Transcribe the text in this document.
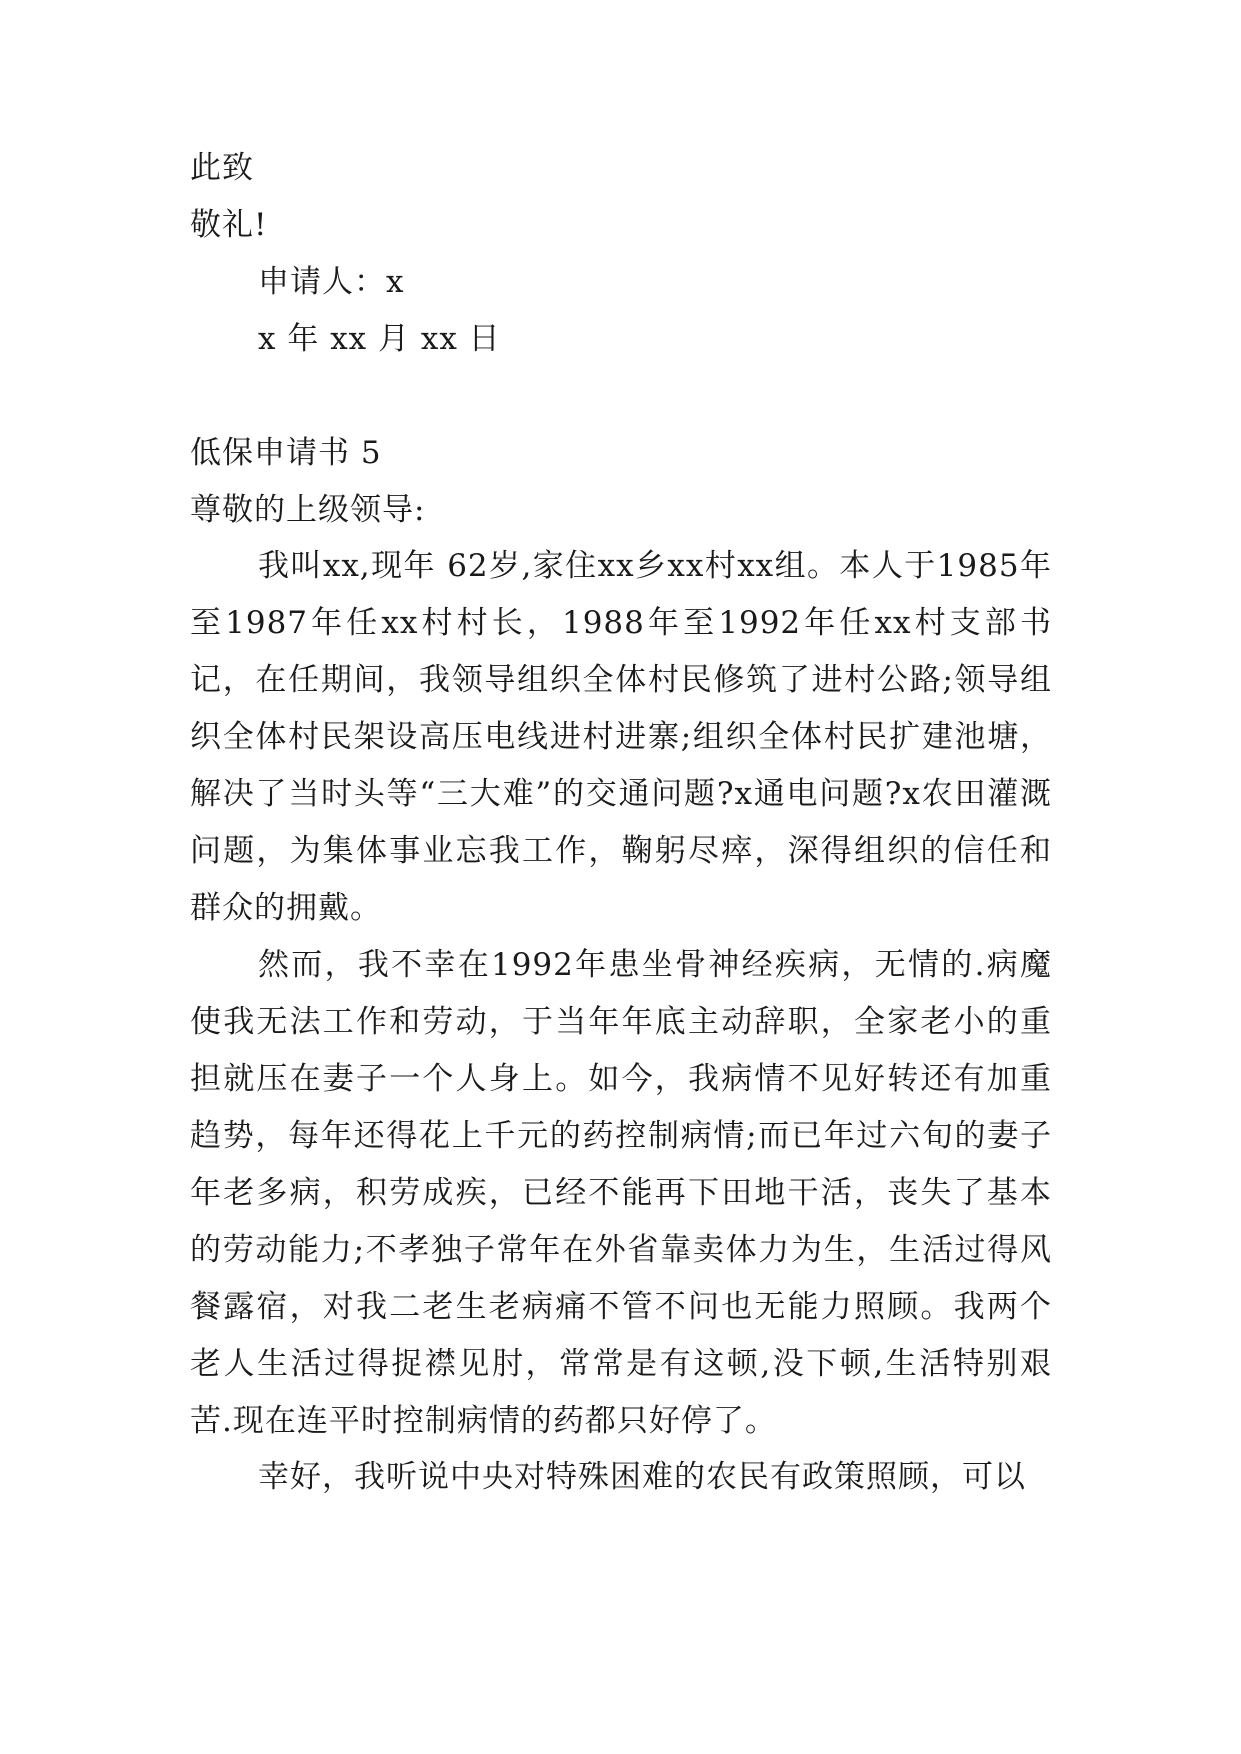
此致
敬礼!
申请人：x
x 年 xx 月 xx 日
低保申请书 5
尊敬的上级领导:

我叫xx,现年 62岁,家住xx乡xx村xx组。本人于1985年至1987年任xx村村长，1988年至1992年任xx村支部书记，在任期间，我领导组织全体村民修筑了进村公路;领导组织全体村民架设高压电线进村进寨;组织全体村民扩建池塘，解决了当时头等“三大难”的交通问题?x通电问题?x农田灌溉问题，为集体事业忘我工作，鞠躬尽瘁，深得组织的信任和群众的拥戴。

然而，我不幸在1992年患坐骨神经疾病，无情的.病魔使我无法工作和劳动，于当年年底主动辞职，全家老小的重担就压在妻子一个人身上。如今，我病情不见好转还有加重趋势，每年还得花上千元的药控制病情;而已年过六旬的妻子年老多病，积劳成疾，已经不能再下田地干活，丧失了基本的劳动能力;不孝独子常年在外省靠卖体力为生，生活过得风餐露宿，对我二老生老病痛不管不问也无能力照顾。我两个老人生活过得捉襟见肘，常常是有这顿,没下顿,生活特别艰苦.现在连平时控制病情的药都只好停了。

幸好，我听说中央对特殊困难的农民有政策照顾，可以
